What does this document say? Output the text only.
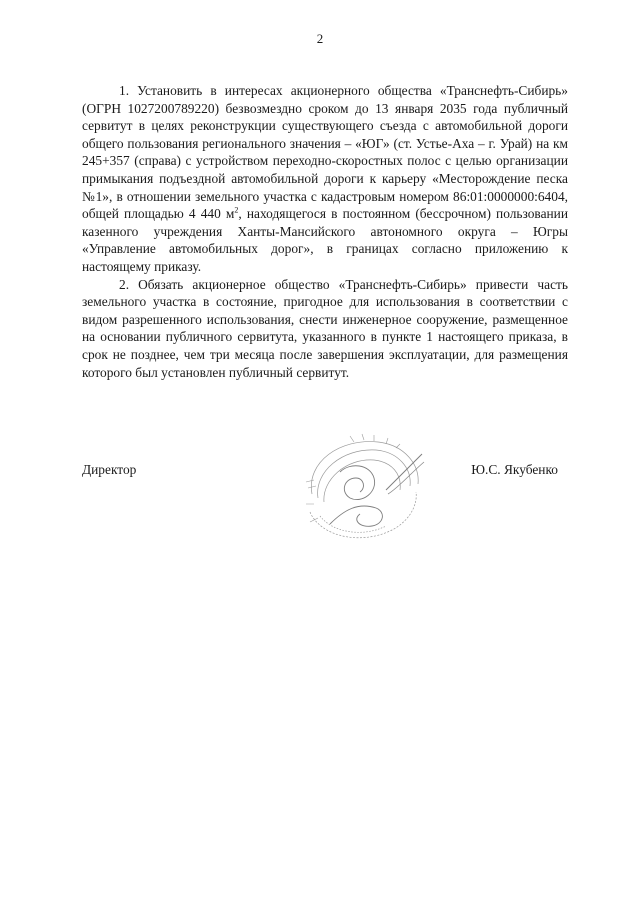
2

1. Установить в интересах акционерного общества «Транснефть-Сибирь» (ОГРН 1027200789220) безвозмездно сроком до 13 января 2035 года публичный сервитут в целях реконструкции существующего съезда с автомобильной дороги общего пользования регионального значения – «ЮГ» (ст. Устье-Аха – г. Урай) на км 245+357 (справа) с устройством переходно-скоростных полос с целью организации примыкания подъездной автомобильной дороги к карьеру «Месторождение песка №1», в отношении земельного участка с кадастровым номером 86:01:0000000:6404, общей площадью 4 440 $м^2$, находящегося в постоянном (бессрочном) пользовании казенного учреждения Ханты-Мансийского автономного округа – Югры «Управление автомобильных дорог», в границах согласно приложению к настоящему приказу.

2. Обязать акционерное общество «Транснефть-Сибирь» привести часть земельного участка в состояние, пригодное для использования в соответствии с видом разрешенного использования, снести инженерное сооружение, размещенное на основании публичного сервитута, указанного в пункте 1 настоящего приказа, в срок не позднее, чем три месяца после завершения эксплуатации, для размещения которого был установлен публичный сервитут.

Директор	Ю.С. Якубенко
